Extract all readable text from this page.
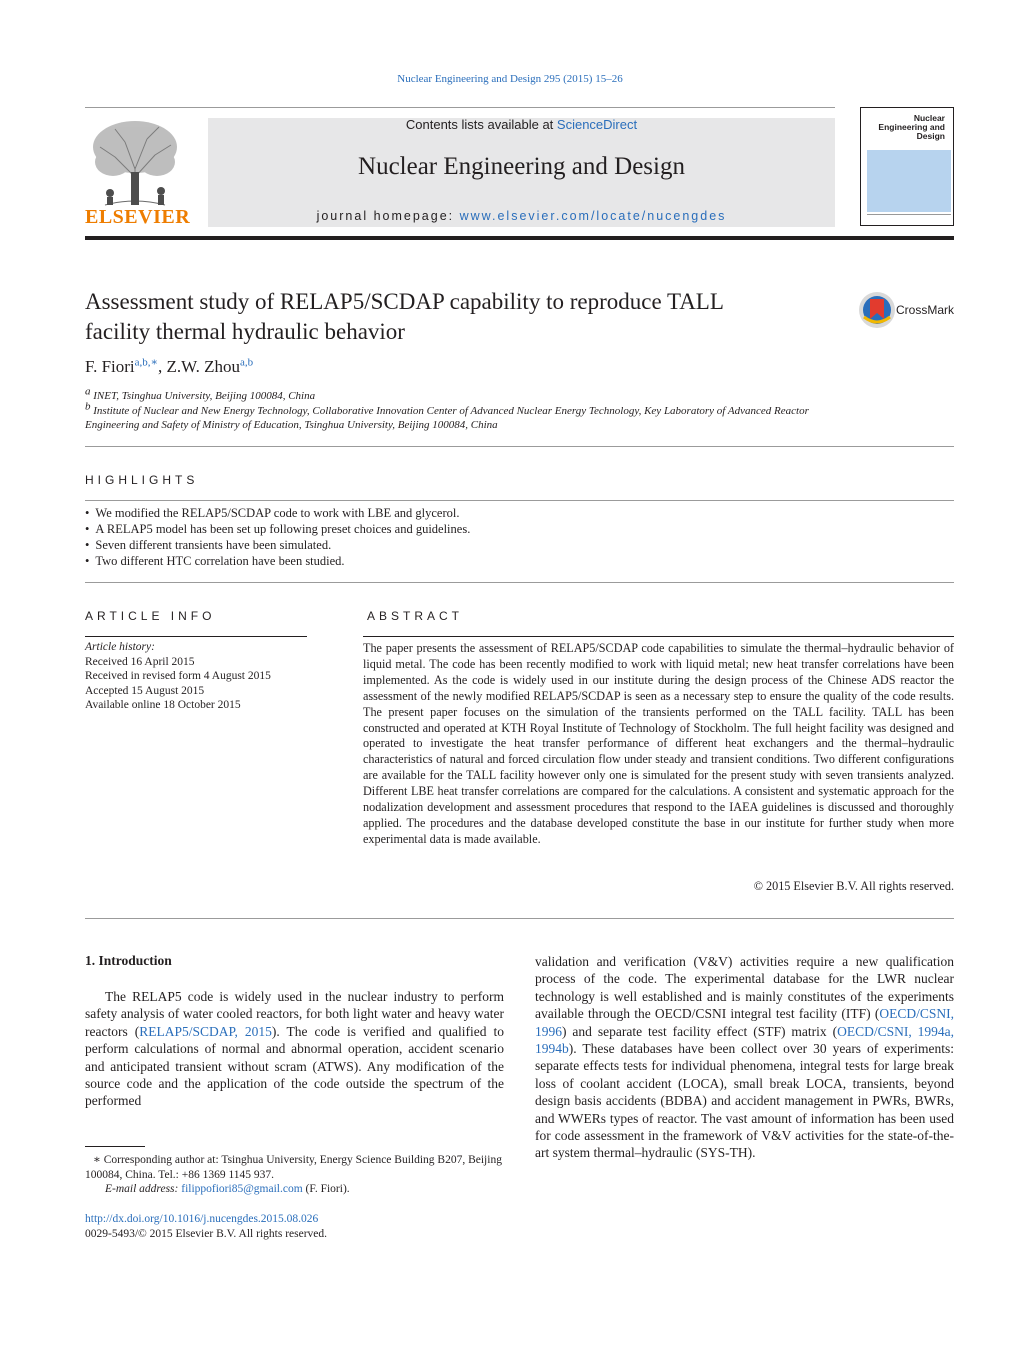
Nuclear Engineering and Design 295 (2015) 15–26
ELSEVIER
Contents lists available at ScienceDirect
Nuclear Engineering and Design
journal homepage: www.elsevier.com/locate/nucengdes
Nuclear Engineering and Design
Assessment study of RELAP5/SCDAP capability to reproduce TALL
facility thermal hydraulic behavior
CrossMark
F. Fiori$^{a,b,∗}$, Z.W. Zhou$^{a,b}$
a INET, Tsinghua University, Beijing 100084, China
b Institute of Nuclear and New Energy Technology, Collaborative Innovation Center of Advanced Nuclear Energy Technology, Key Laboratory of Advanced Reactor Engineering and Safety of Ministry of Education, Tsinghua University, Beijing 100084, China
HIGHLIGHTS
• We modified the RELAP5/SCDAP code to work with LBE and glycerol.
• A RELAP5 model has been set up following preset choices and guidelines.
• Seven different transients have been simulated.
• Two different HTC correlation have been studied.
ARTICLE INFO
Article history:
Received 16 April 2015
Received in revised form 4 August 2015
Accepted 15 August 2015
Available online 18 October 2015
ABSTRACT
The paper presents the assessment of RELAP5/SCDAP code capabilities to simulate the thermal–hydraulic behavior of liquid metal. The code has been recently modified to work with liquid metal; new heat transfer correlations have been implemented. As the code is widely used in our institute during the design process of the Chinese ADS reactor the assessment of the newly modified RELAP5/SCDAP is seen as a necessary step to ensure the quality of the code results. The present paper focuses on the simulation of the transients performed on the TALL facility. TALL has been constructed and operated at KTH Royal Institute of Technology of Stockholm. The full height facility was designed and operated to investigate the heat transfer performance of different heat exchangers and the thermal–hydraulic characteristics of natural and forced circulation flow under steady and transient conditions. Two different configurations are available for the TALL facility however only one is simulated for the present study with seven transients analyzed. Different LBE heat transfer correlations are compared for the calculations. A consistent and systematic approach for the nodalization development and assessment procedures that respond to the IAEA guidelines is discussed and thoroughly applied. The procedures and the database developed constitute the base in our institute for further study when more experimental data is made available.
© 2015 Elsevier B.V. All rights reserved.
1. Introduction
The RELAP5 code is widely used in the nuclear industry to perform safety analysis of water cooled reactors, for both light water and heavy water reactors (RELAP5/SCDAP, 2015). The code is verified and qualified to perform calculations of normal and abnormal operation, accident scenario and anticipated transient without scram (ATWS). Any modification of the source code and the application of the code outside the spectrum of the performed
validation and verification (V&V) activities require a new qualification process of the code. The experimental database for the LWR nuclear technology is well established and is mainly constitutes of the experiments available through the OECD/CSNI integral test facility (ITF) (OECD/CSNI, 1996) and separate test facility effect (STF) matrix (OECD/CSNI, 1994a, 1994b). These databases have been collect over 30 years of experiments: separate effects tests for individual phenomena, integral tests for large break loss of coolant accident (LOCA), small break LOCA, transients, beyond design basis accidents (BDBA) and accident management in PWRs, BWRs, and WWERs types of reactor. The vast amount of information has been used for code assessment in the framework of V&V activities for the state-of-the-art system thermal–hydraulic (SYS-TH).
∗ Corresponding author at: Tsinghua University, Energy Science Building B207, Beijing 100084, China. Tel.: +86 1369 1145 937.
E-mail address: filippofiori85@gmail.com (F. Fiori).
http://dx.doi.org/10.1016/j.nucengdes.2015.08.026
0029-5493/© 2015 Elsevier B.V. All rights reserved.
